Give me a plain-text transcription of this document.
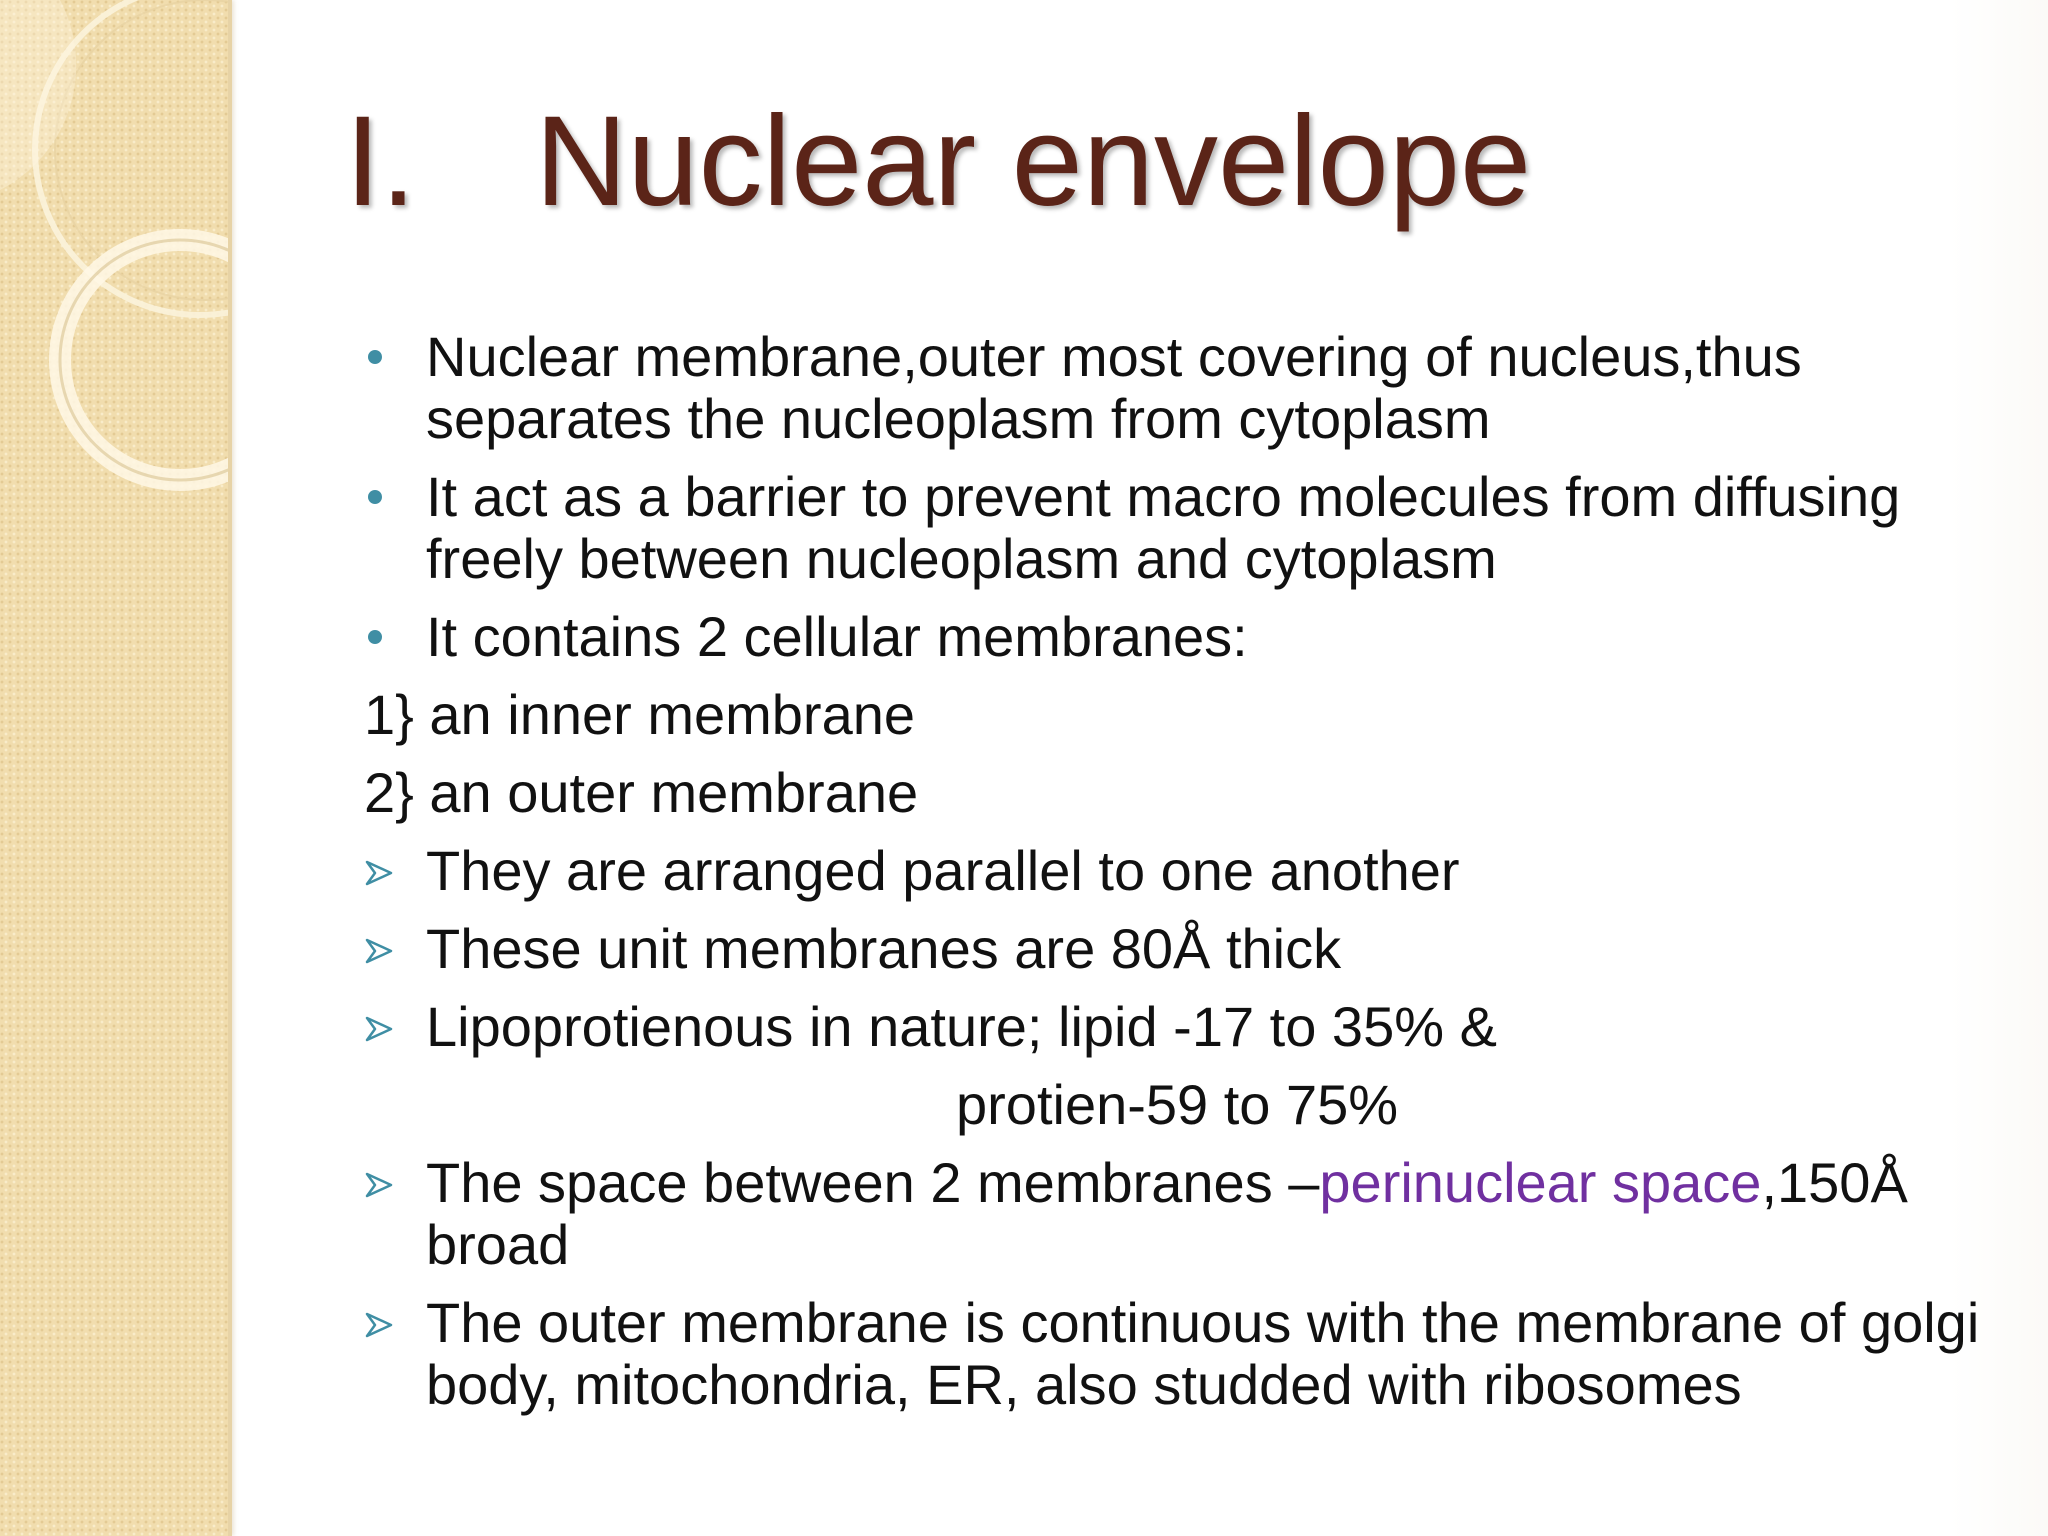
I. Nuclear envelope
Nuclear membrane,outer most covering of nucleus,thus separates the nucleoplasm from cytoplasm
It act as a barrier to prevent macro molecules from diffusing freely between nucleoplasm and cytoplasm
It contains 2 cellular membranes:
1} an inner membrane
2} an outer membrane
They are arranged parallel to one another
These unit membranes are 80Å thick
Lipoprotienous in nature; lipid -17 to 35% &
protien-59 to 75%
The space between 2 membranes –perinuclear space,150Å broad
The outer membrane is continuous with the membrane of golgi body, mitochondria, ER, also studded with ribosomes
